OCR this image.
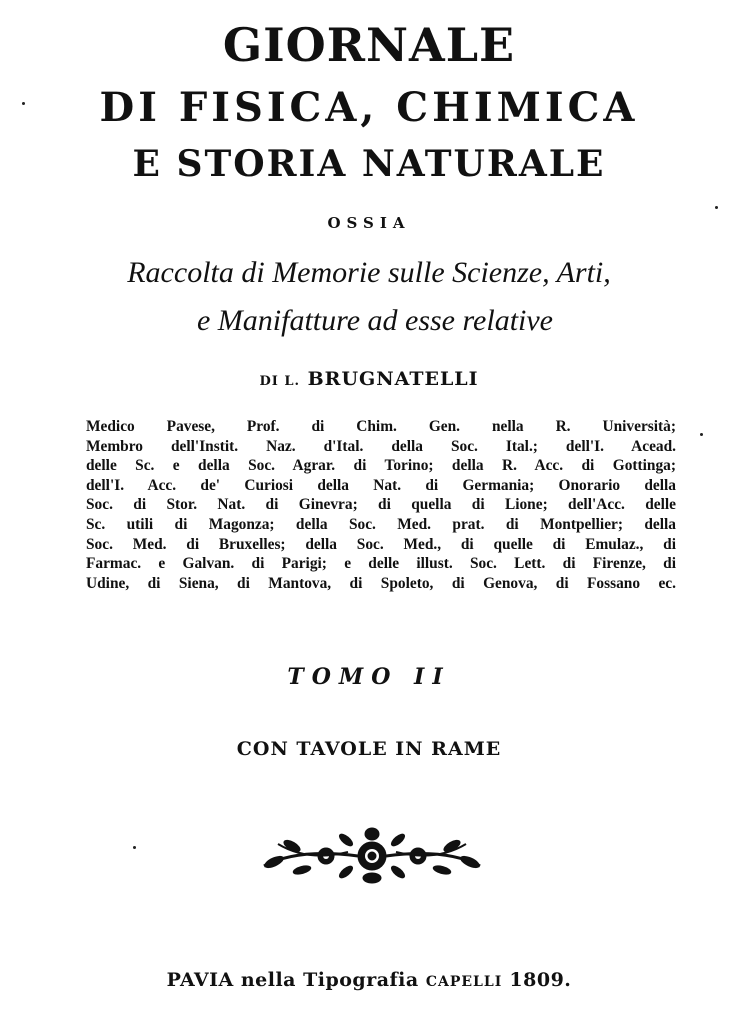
GIORNALE
DI FISICA, CHIMICA
E STORIA NATURALE
OSSIA
Raccolta di Memorie sulle Scienze, Arti,
e Manifatture ad esse relative
DI L. BRUGNATELLI
Medico Pavese, Prof. di Chim. Gen. nella R. Università;
Membro dell'Instit. Naz. d'Ital. della Soc. Ital.; dell'I. Acead.
delle Sc. e della Soc. Agrar. di Torino; della R. Acc. di Gottinga;
dell'I. Acc. de' Curiosi della Nat. di Germania; Onorario della
Soc. di Stor. Nat. di Ginevra; di quella di Lione; dell'Acc. delle
Sc. utili di Magonza; della Soc. Med. prat. di Montpellier; della
Soc. Med. di Bruxelles; della Soc. Med., di quelle di Emulaz., di
Farmac. e Galvan. di Parigi; e delle illust. Soc. Lett. di Firenze, di
Udine, di Siena, di Mantova, di Spoleto, di Genova, di Fossano ec.
TOMO II
CON TAVOLE IN RAME
PAVIA nella Tipografia CAPELLI 1809.
